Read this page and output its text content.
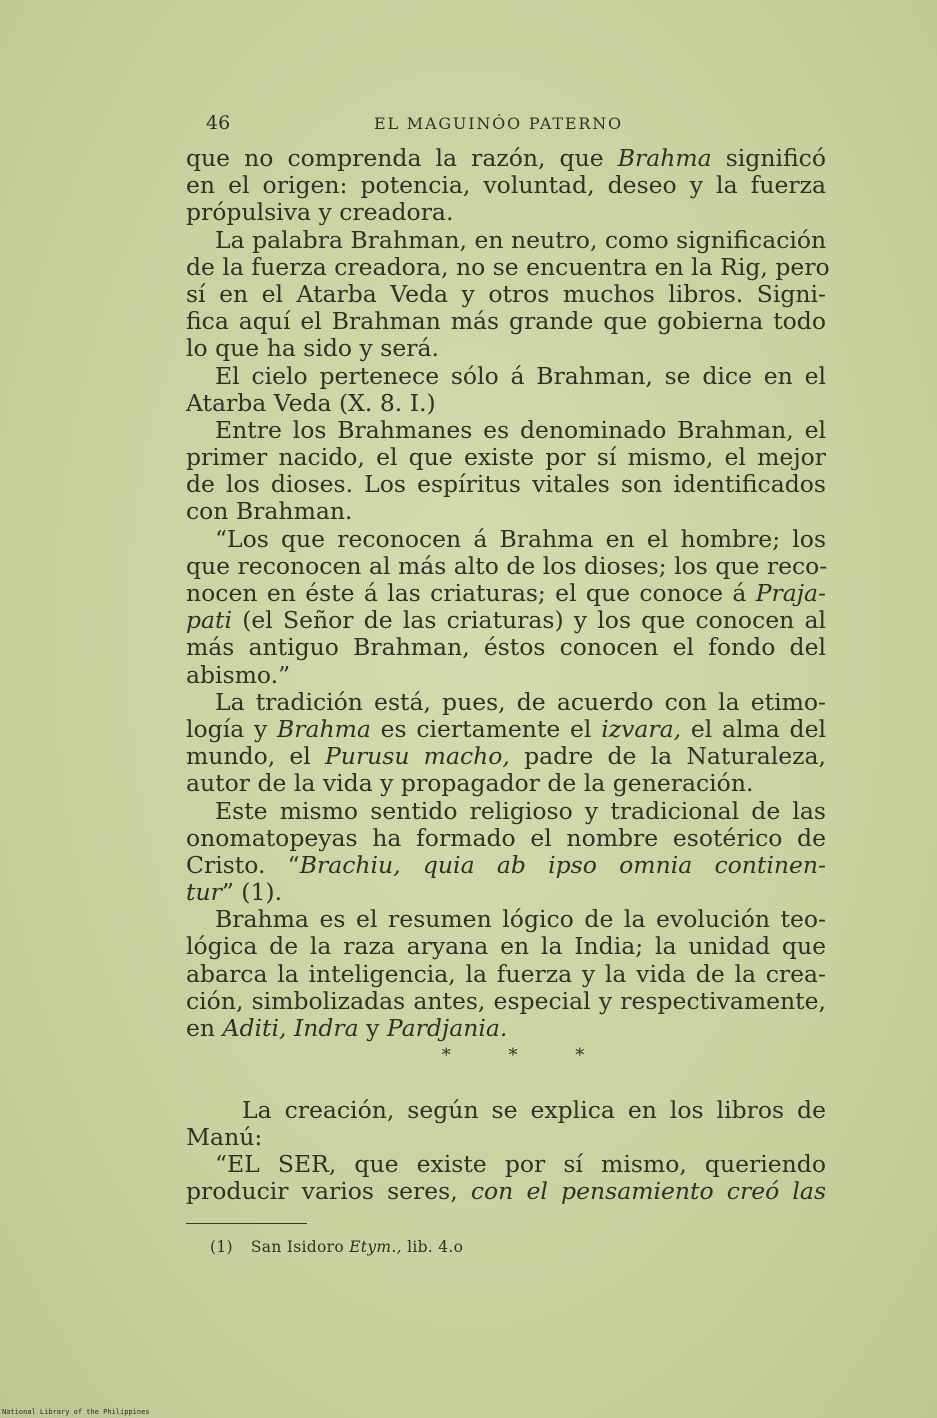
46	EL MAGUINÓO PATERNO
que no comprenda la razón, que Brahma significó
en el origen: potencia, voluntad, deseo y la fuerza
própulsiva y creadora.
La palabra Brahman, en neutro, como significación
de la fuerza creadora, no se encuentra en la Rig, pero
sí en el Atarba Veda y otros muchos libros. Signi-
fica aquí el Brahman más grande que gobierna todo
lo que ha sido y será.
El cielo pertenece sólo á Brahman, se dice en el
Atarba Veda (X. 8. I.)
Entre los Brahmanes es denominado Brahman, el
primer nacido, el que existe por sí mismo, el mejor
de los dioses. Los espíritus vitales son identificados
con Brahman.
“Los que reconocen á Brahma en el hombre; los
que reconocen al más alto de los dioses; los que reco-
nocen en éste á las criaturas; el que conoce á Praja-
pati (el Señor de las criaturas) y los que conocen al
más antiguo Brahman, éstos conocen el fondo del
abismo.”
La tradición está, pues, de acuerdo con la etimo-
logía y Brahma es ciertamente el izvara, el alma del
mundo, el Purusu macho, padre de la Naturaleza,
autor de la vida y propagador de la generación.
Este mismo sentido religioso y tradicional de las
onomatopeyas ha formado el nombre esotérico de
Cristo. “Brachiu, quia ab ipso omnia continen-
tur” (1).
Brahma es el resumen lógico de la evolución teo-
lógica de la raza aryana en la India; la unidad que
abarca la inteligencia, la fuerza y la vida de la crea-
ción, simbolizadas antes, especial y respectivamente,
en Aditi, Indra y Pardjania.
* * *
La creación, según se explica en los libros de
Manú:
“EL SER, que existe por sí mismo, queriendo
producir varios seres, con el pensamiento creó las
(1) San Isidoro Etym., lib. 4.o
National Library of the Philippines
